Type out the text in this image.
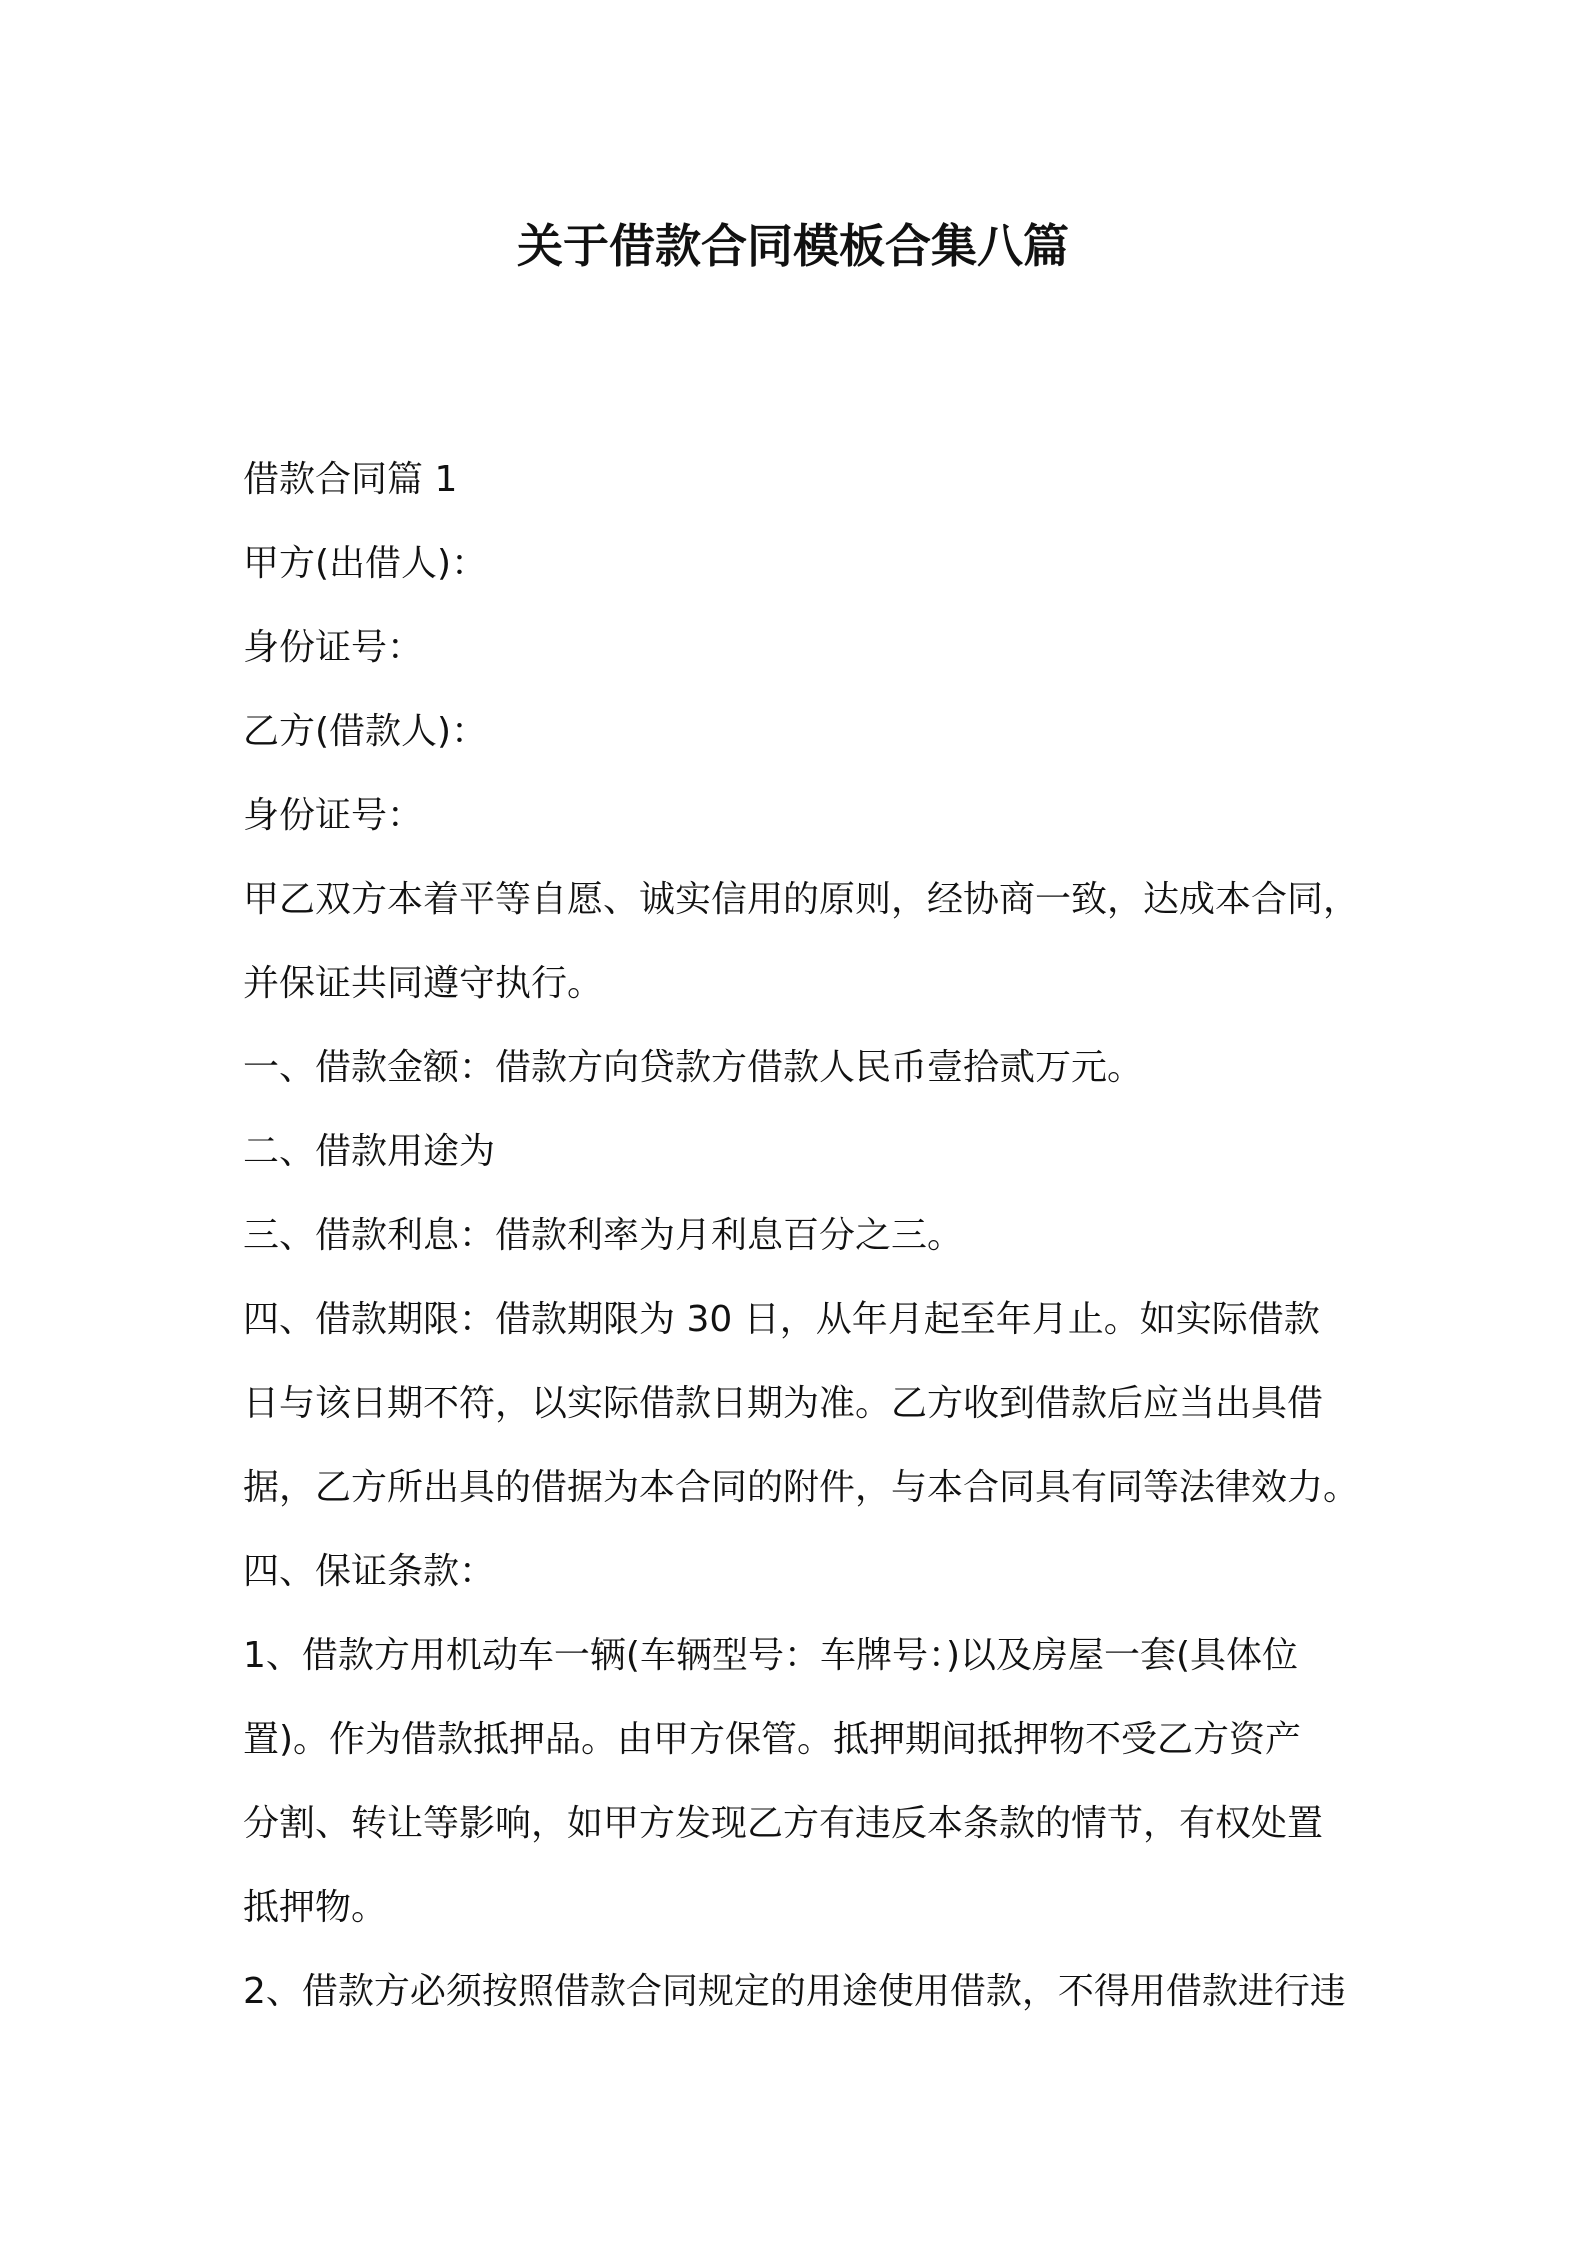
关于借款合同模板合集八篇
借款合同篇 1
甲方(出借人)：
身份证号：
乙方(借款人)：
身份证号：
甲乙双方本着平等自愿、诚实信用的原则，经协商一致，达成本合同，
并保证共同遵守执行。
一、借款金额：借款方向贷款方借款人民币壹拾贰万元。
二、借款用途为
三、借款利息：借款利率为月利息百分之三。
四、借款期限：借款期限为 30 日，从年月起至年月止。如实际借款
日与该日期不符，以实际借款日期为准。乙方收到借款后应当出具借
据，乙方所出具的借据为本合同的附件，与本合同具有同等法律效力。
四、保证条款：
1、借款方用机动车一辆(车辆型号：车牌号：)以及房屋一套(具体位
置)。作为借款抵押品。由甲方保管。抵押期间抵押物不受乙方资产
分割、转让等影响，如甲方发现乙方有违反本条款的情节，有权处置
抵押物。
2、借款方必须按照借款合同规定的用途使用借款，不得用借款进行违
